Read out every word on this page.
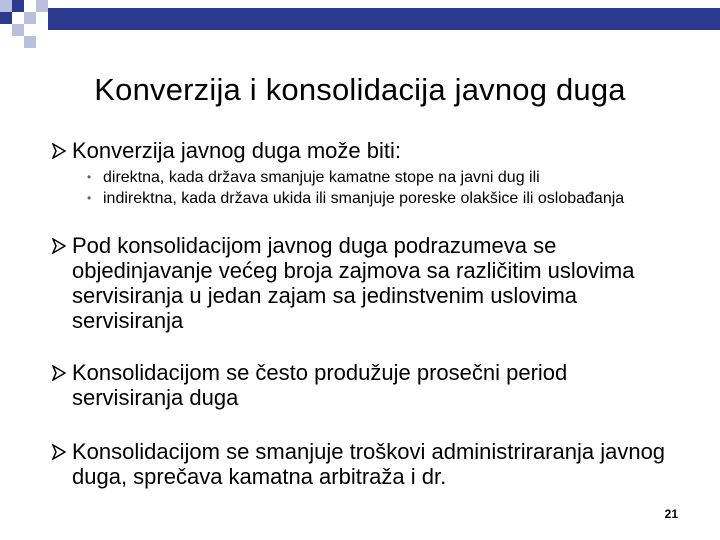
Konverzija i konsolidacija javnog duga
Konverzija javnog duga može biti:
• direktna, kada država smanjuje kamatne stope na javni dug ili
• indirektna, kada država ukida ili smanjuje poreske olakšice ili oslobađanja
Pod konsolidacijom javnog duga podrazumeva se objedinjavanje većeg broja zajmova sa različitim uslovima servisiranja u jedan zajam sa jedinstvenim uslovima servisiranja
Konsolidacijom se često produžuje prosečni period servisiranja duga
Konsolidacijom se smanjuje troškovi administriraranja javnog duga, sprečava kamatna arbitraža i dr.
21
